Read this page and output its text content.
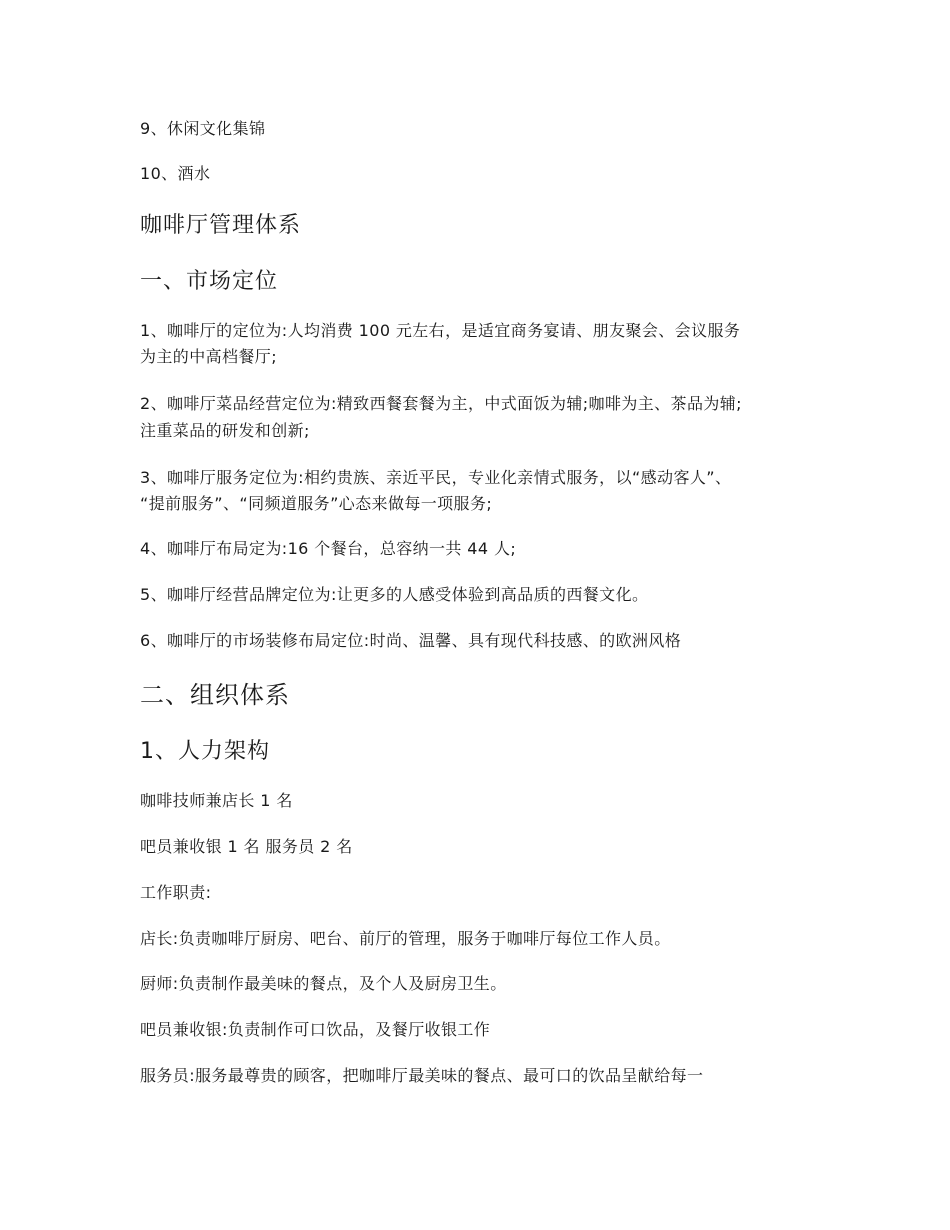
9、休闲文化集锦
10、酒水
咖啡厅管理体系
一、市场定位
1、咖啡厅的定位为:人均消费 100 元左右，是适宜商务宴请、朋友聚会、会议服务
为主的中高档餐厅;
2、咖啡厅菜品经营定位为:精致西餐套餐为主，中式面饭为辅;咖啡为主、茶品为辅;
注重菜品的研发和创新;
3、咖啡厅服务定位为:相约贵族、亲近平民，专业化亲情式服务，以“感动客人”、
“提前服务”、“同频道服务”心态来做每一项服务;
4、咖啡厅布局定为:16 个餐台，总容纳一共 44 人;
5、咖啡厅经营品牌定位为:让更多的人感受体验到高品质的西餐文化。
6、咖啡厅的市场装修布局定位:时尚、温馨、具有现代科技感、的欧洲风格
二、组织体系
1、人力架构
咖啡技师兼店长 1 名
吧员兼收银 1 名 服务员 2 名
工作职责:
店长:负责咖啡厅厨房、吧台、前厅的管理，服务于咖啡厅每位工作人员。
厨师:负责制作最美味的餐点，及个人及厨房卫生。
吧员兼收银:负责制作可口饮品，及餐厅收银工作
服务员:服务最尊贵的顾客，把咖啡厅最美味的餐点、最可口的饮品呈献给每一
